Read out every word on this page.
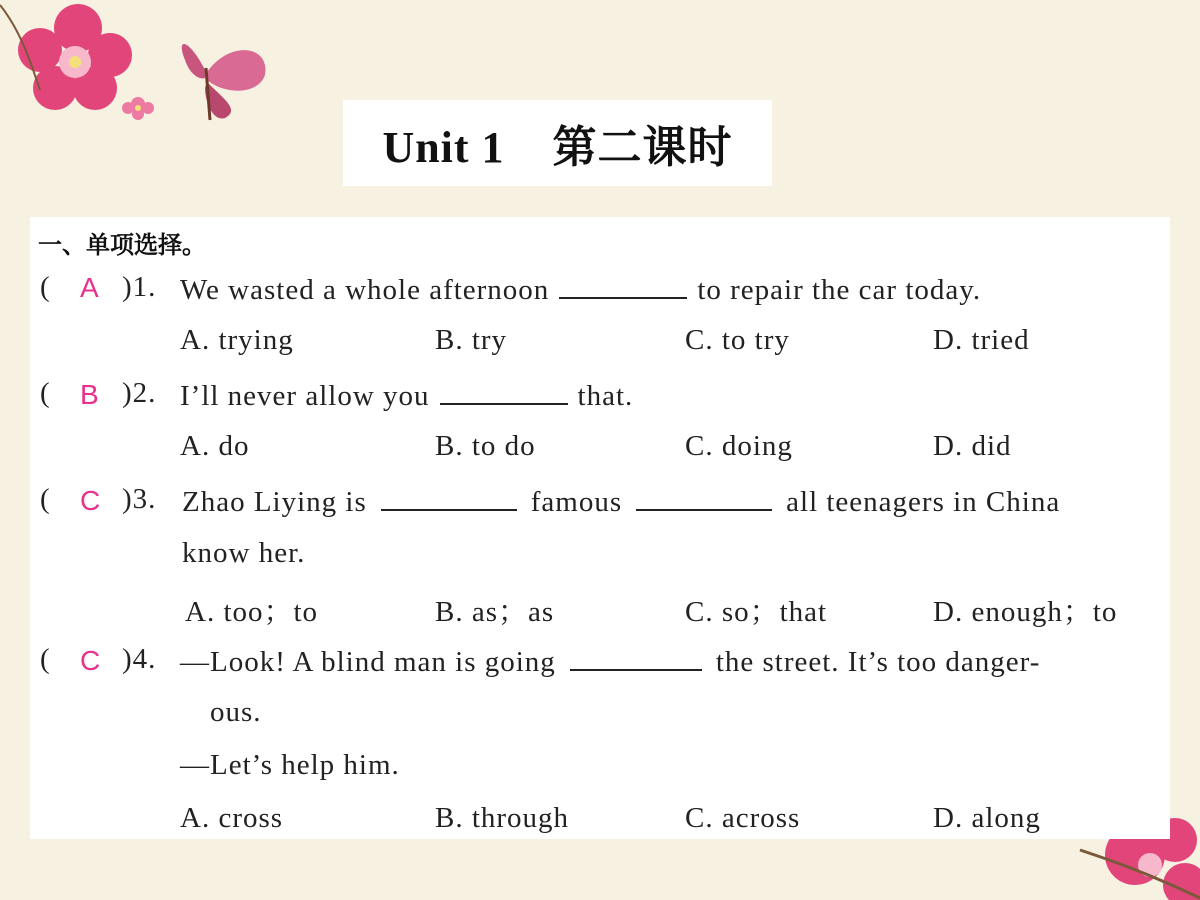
Unit 1    第二课时
一、单项选择。
( A )1. We wasted a whole afternoon	to repair the car today.
A. trying	B. try	C. to try	D. tried
( B )2. I’ll never allow you	that.
A. do	B. to do	C. doing	D. did
( C )3. Zhao Liying is	famous	all teenagers in China
know her.
A. too；to	B. as；as	C. so；that	D. enough；to
( C )4. —Look! A blind man is going	the street. It’s too danger-
ous.
—Let’s help him.
A. cross	B. through	C. across	D. along
